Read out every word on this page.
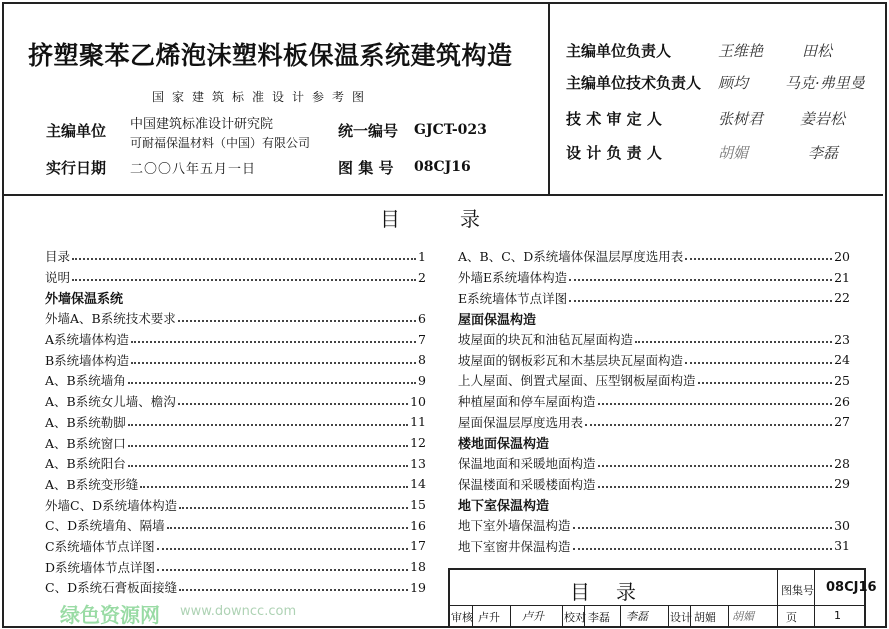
挤塑聚苯乙烯泡沫塑料板保温系统建筑构造
国家建筑标准设计参考图
主编单位 中国建筑标准设计研究院
可耐福保温材料（中国）有限公司
实行日期 二〇〇八年五月一日
统一编号 GJCT-023
图 集 号 08CJ16
主编单位负责人	王维艳	田松
主编单位技术负责人 顾均 马克·弗里曼
技 术 审 定 人	张树君 姜岩松
设 计 负 责 人	胡媚	李磊
目录
目录	1
说明	2
外墙保温系统
外墙A、B系统技术要求	6
A系统墙体构造	7
B系统墙体构造	8
A、B系统墙角	9
A、B系统女儿墙、檐沟	10
A、B系统勒脚	11
A、B系统窗口	12
A、B系统阳台	13
A、B系统变形缝	14
外墙C、D系统墙体构造	15
C、D系统墙角、隔墙	16
C系统墙体节点详图	17
D系统墙体节点详图	18
C、D系统石膏板面接缝	19
A、B、C、D系统墙体保温层厚度选用表	20
外墙E系统墙体构造	21
E系统墙体节点详图	22
屋面保温构造
坡屋面的块瓦和油毡瓦屋面构造	23
坡屋面的钢板彩瓦和木基层块瓦屋面构造	24
上人屋面、倒置式屋面、压型钢板屋面构造	25
种植屋面和停车屋面构造	26
屋面保温层厚度选用表	27
楼地面保温构造
保温地面和采暖地面构造	28
保温楼面和采暖楼面构造	29
地下室保温构造
地下室外墙保温构造	30
地下室窗井保温构造	31
目录	图集号 08CJ16
审核 卢升 卢升 校对 李磊 李磊 设计 胡媚 胡媚	页	1
绿色资源网 www.downcc.com
